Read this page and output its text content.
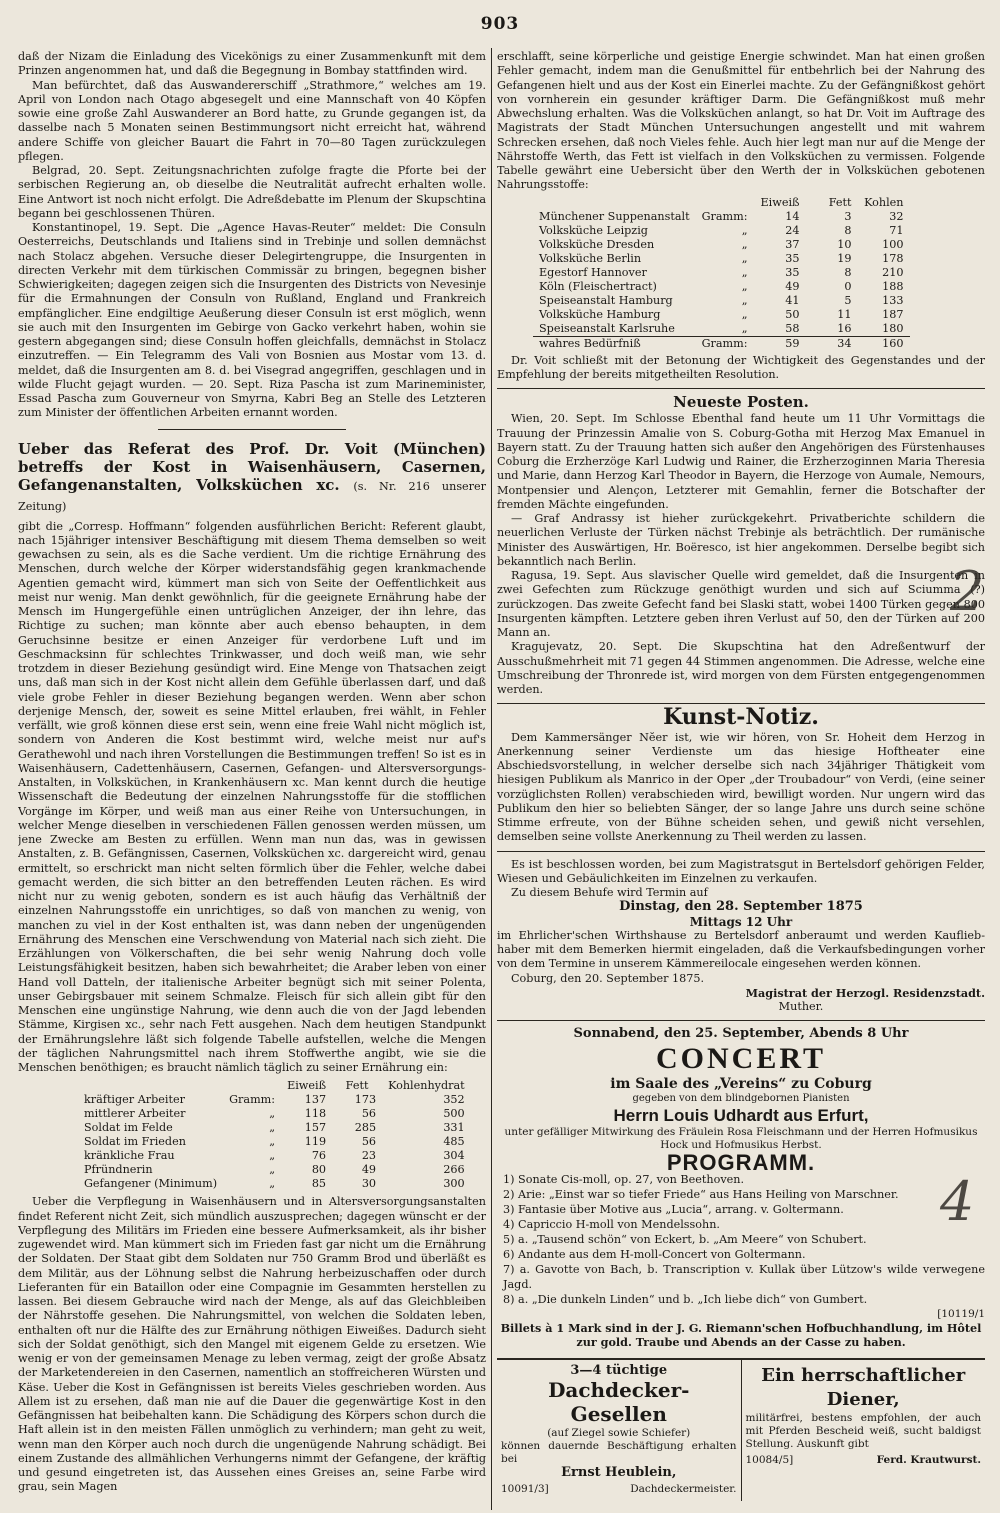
903

daß der Nizam die Einladung des Vicekönigs zu einer Zusammenkunft mit dem Prinzen angenommen hat, und daß die Begegnung in Bombay stattfinden wird.

Man befürchtet, daß das Auswandererschiff „Strathmore,“ welches am 19. April von London nach Otago abgesegelt und eine Mannschaft von 40 Köpfen sowie eine große Zahl Auswanderer an Bord hatte, zu Grunde gegangen ist, da dasselbe nach 5 Monaten seinen Bestimmungsort nicht erreicht hat, während andere Schiffe von gleicher Bauart die Fahrt in 70—80 Tagen zurückzulegen pflegen.

Belgrad, 20. Sept. Zeitungsnachrichten zufolge fragte die Pforte bei der serbischen Regierung an, ob dieselbe die Neutralität aufrecht erhalten wolle. Eine Antwort ist noch nicht erfolgt. Die Adreßdebatte im Plenum der Skupschtina begann bei geschlossenen Thüren.

Konstantinopel, 19. Sept. Die „Agence Havas-Reuter“ meldet: Die Consuln Oesterreichs, Deutschlands und Italiens sind in Trebinje und sollen demnächst nach Stolacz abgehen. Versuche dieser Delegirtengruppe, die Insurgenten in directen Verkehr mit dem türkischen Commissär zu bringen, begegnen bisher Schwierigkeiten; dagegen zeigen sich die Insurgenten des Districts von Nevesinje für die Ermahnungen der Consuln von Rußland, England und Frankreich empfänglicher. Eine endgiltige Aeußerung dieser Consuln ist erst möglich, wenn sie auch mit den Insurgenten im Gebirge von Gacko verkehrt haben, wohin sie gestern abgegangen sind; diese Consuln hoffen gleichfalls, demnächst in Stolacz einzutreffen. — Ein Telegramm des Vali von Bosnien aus Mostar vom 13. d. meldet, daß die Insurgenten am 8. d. bei Visegrad angegriffen, geschlagen und in wilde Flucht gejagt wurden. — 20. Sept. Riza Pascha ist zum Marineminister, Essad Pascha zum Gouverneur von Smyrna, Kabri Beg an Stelle des Letzteren zum Minister der öffentlichen Arbeiten ernannt worden.

Ueber das Referat des Prof. Dr. Voit (München) betreffs der Kost in Waisenhäusern, Casernen, Gefangenanstalten, Volksküchen xc. (s. Nr. 216 unserer Zeitung)

gibt die „Corresp. Hoffmann“ folgenden ausführlichen Bericht: Referent glaubt, nach 15jähriger intensiver Beschäftigung mit diesem Thema demselben so weit gewachsen zu sein, als es die Sache verdient. Um die richtige Ernährung des Menschen, durch welche der Körper widerstandsfähig gegen krankmachende Agentien gemacht wird, kümmert man sich von Seite der Oeffentlichkeit aus meist nur wenig. Man denkt gewöhnlich, für die geeignete Ernährung habe der Mensch im Hungergefühle einen untrüglichen Anzeiger, der ihn lehre, das Richtige zu suchen; man könnte aber auch ebenso behaupten, in dem Geruchsinne besitze er einen Anzeiger für verdorbene Luft und im Geschmacksinn für schlechtes Trinkwasser, und doch weiß man, wie sehr trotzdem in dieser Beziehung gesündigt wird. Eine Menge von Thatsachen zeigt uns, daß man sich in der Kost nicht allein dem Gefühle überlassen darf, und daß viele grobe Fehler in dieser Beziehung begangen werden. Wenn aber schon derjenige Mensch, der, soweit es seine Mittel erlauben, frei wählt, in Fehler verfällt, wie groß können diese erst sein, wenn eine freie Wahl nicht möglich ist, sondern von Anderen die Kost bestimmt wird, welche meist nur auf's Gerathewohl und nach ihren Vorstellungen die Bestimmungen treffen! So ist es in Waisenhäusern, Cadettenhäusern, Casernen, Gefangen- und Altersversorgungs-Anstalten, in Volksküchen, in Krankenhäusern xc. Man kennt durch die heutige Wissenschaft die Bedeutung der einzelnen Nahrungsstoffe für die stofflichen Vorgänge im Körper, und weiß man aus einer Reihe von Untersuchungen, in welcher Menge dieselben in verschiedenen Fällen genossen werden müssen, um jene Zwecke am Besten zu erfüllen. Wenn man nun das, was in gewissen Anstalten, z. B. Gefängnissen, Casernen, Volksküchen xc. dargereicht wird, genau ermittelt, so erschrickt man nicht selten förmlich über die Fehler, welche dabei gemacht werden, die sich bitter an den betreffenden Leuten rächen. Es wird nicht nur zu wenig geboten, sondern es ist auch häufig das Verhältniß der einzelnen Nahrungsstoffe ein unrichtiges, so daß von manchen zu wenig, von manchen zu viel in der Kost enthalten ist, was dann neben der ungenügenden Ernährung des Menschen eine Verschwendung von Material nach sich zieht. Die Erzählungen von Völkerschaften, die bei sehr wenig Nahrung doch volle Leistungsfähigkeit besitzen, haben sich bewahrheitet; die Araber leben von einer Hand voll Datteln, der italienische Arbeiter begnügt sich mit seiner Polenta, unser Gebirgsbauer mit seinem Schmalze. Fleisch für sich allein gibt für den Menschen eine ungünstige Nahrung, wie denn auch die von der Jagd lebenden Stämme, Kirgisen xc., sehr nach Fett ausgehen. Nach dem heutigen Standpunkt der Ernährungslehre läßt sich folgende Tabelle aufstellen, welche die Mengen der täglichen Nahrungsmittel nach ihrem Stoffwerthe angibt, wie sie die Menschen benöthigen; es braucht nämlich täglich zu seiner Ernährung ein:

		Eiweiß	Fett	Kohlenhydrat
kräftiger Arbeiter	Gramm:	137	173	352
mittlerer Arbeiter	„	118	56	500
Soldat im Felde	„	157	285	331
Soldat im Frieden	„	119	56	485
kränkliche Frau	„	76	23	304
Pfründnerin	„	80	49	266
Gefangener (Minimum)	„	85	30	300

Ueber die Verpflegung in Waisenhäusern und in Altersversorgungsanstalten findet Referent nicht Zeit, sich mündlich auszusprechen; dagegen wünscht er der Verpflegung des Militärs im Frieden eine bessere Aufmerksamkeit, als ihr bisher zugewendet wird. Man kümmert sich im Frieden fast gar nicht um die Ernährung der Soldaten. Der Staat gibt dem Soldaten nur 750 Gramm Brod und überläßt es dem Militär, aus der Löhnung selbst die Nahrung herbeizuschaffen oder durch Lieferanten für ein Bataillon oder eine Compagnie im Gesammten herstellen zu lassen. Bei diesem Gebrauche wird nach der Menge, als auf das Gleichbleiben der Nährstoffe gesehen. Die Nahrungsmittel, von welchen die Soldaten leben, enthalten oft nur die Hälfte des zur Ernährung nöthigen Eiweißes. Dadurch sieht sich der Soldat genöthigt, sich den Mangel mit eigenem Gelde zu ersetzen. Wie wenig er von der gemeinsamen Menage zu leben vermag, zeigt der große Absatz der Marketendereien in den Casernen, namentlich an stoffreicheren Würsten und Käse. Ueber die Kost in Gefängnissen ist bereits Vieles geschrieben worden. Aus Allem ist zu ersehen, daß man nie auf die Dauer die gegenwärtige Kost in den Gefängnissen hat beibehalten kann. Die Schädigung des Körpers schon durch die Haft allein ist in den meisten Fällen unmöglich zu verhindern; man geht zu weit, wenn man den Körper auch noch durch die ungenügende Nahrung schädigt. Bei einem Zustande des allmählichen Verhungerns nimmt der Gefangene, der kräftig und gesund eingetreten ist, das Aussehen eines Greises an, seine Farbe wird grau, sein Magen

erschlafft, seine körperliche und geistige Energie schwindet. Man hat einen großen Fehler gemacht, indem man die Genußmittel für entbehrlich bei der Nahrung des Gefangenen hielt und aus der Kost ein Einerlei machte. Zu der Gefängnißkost gehört von vornherein ein gesunder kräftiger Darm. Die Gefängnißkost muß mehr Abwechslung erhalten. Was die Volksküchen anlangt, so hat Dr. Voit im Auftrage des Magistrats der Stadt München Untersuchungen angestellt und mit wahrem Schrecken ersehen, daß noch Vieles fehle. Auch hier legt man nur auf die Menge der Nährstoffe Werth, das Fett ist vielfach in den Volksküchen zu vermissen. Folgende Tabelle gewährt eine Uebersicht über den Werth der in Volksküchen gebotenen Nahrungsstoffe:

		Eiweiß	Fett	Kohlen
Münchener Suppenanstalt	Gramm:	14	3	32
Volksküche Leipzig	„	24	8	71
Volksküche Dresden	„	37	10	100
Volksküche Berlin	„	35	19	178
Egestorf Hannover	„	35	8	210
Köln (Fleischertract)	„	49	0	188
Speiseanstalt Hamburg	„	41	5	133
Volksküche Hamburg	„	50	11	187
Speiseanstalt Karlsruhe	„	58	16	180
wahres Bedürfniß	Gramm:	59	34	160

Dr. Voit schließt mit der Betonung der Wichtigkeit des Gegenstandes und der Empfehlung der bereits mitgetheilten Resolution.

Neueste Posten.

Wien, 20. Sept. Im Schlosse Ebenthal fand heute um 11 Uhr Vormittags die Trauung der Prinzessin Amalie von S. Coburg-Gotha mit Herzog Max Emanuel in Bayern statt. Zu der Trauung hatten sich außer den Angehörigen des Fürstenhauses Coburg die Erzherzöge Karl Ludwig und Rainer, die Erzherzoginnen Maria Theresia und Marie, dann Herzog Karl Theodor in Bayern, die Herzoge von Aumale, Nemours, Montpensier und Alençon, Letzterer mit Gemahlin, ferner die Botschafter der fremden Mächte eingefunden.

— Graf Andrassy ist hieher zurückgekehrt. Privatberichte schildern die neuerlichen Verluste der Türken nächst Trebinje als beträchtlich. Der rumänische Minister des Auswärtigen, Hr. Boëresco, ist hier angekommen. Derselbe begibt sich bekanntlich nach Berlin.

Ragusa, 19. Sept. Aus slavischer Quelle wird gemeldet, daß die Insurgenten in zwei Gefechten zum Rückzuge genöthigt wurden und sich auf Sciumma (?) zurückzogen. Das zweite Gefecht fand bei Slaski statt, wobei 1400 Türken gegen 800 Insurgenten kämpften. Letztere geben ihren Verlust auf 50, den der Türken auf 200 Mann an.

Kragujevatz, 20. Sept. Die Skupschtina hat den Adreßentwurf der Ausschußmehrheit mit 71 gegen 44 Stimmen angenommen. Die Adresse, welche eine Umschreibung der Thronrede ist, wird morgen von dem Fürsten entgegengenommen werden.

Kunst-Notiz.

Dem Kammersänger Nĕer ist, wie wir hören, von Sr. Hoheit dem Herzog in Anerkennung seiner Verdienste um das hiesige Hoftheater eine Abschiedsvorstellung, in welcher derselbe sich nach 34jähriger Thätigkeit vom hiesigen Publikum als Manrico in der Oper „der Troubadour“ von Verdi, (eine seiner vorzüglichsten Rollen) verabschieden wird, bewilligt worden. Nur ungern wird das Publikum den hier so beliebten Sänger, der so lange Jahre uns durch seine schöne Stimme erfreute, von der Bühne scheiden sehen, und gewiß nicht versehlen, demselben seine vollste Anerkennung zu Theil werden zu lassen.

Es ist beschlossen worden, bei zum Magistratsgut in Bertelsdorf gehörigen Felder, Wiesen und Gebäulichkeiten im Einzelnen zu verkaufen.

Zu diesem Behufe wird Termin auf

Dinstag, den 28. September 1875
Mittags 12 Uhr

im Ehrlicher'schen Wirthshause zu Bertelsdorf anberaumt und werden Kauflieb-haber mit dem Bemerken hiermit eingeladen, daß die Verkaufsbedingungen vorher von dem Termine in unserem Kämmereilocale eingesehen werden können.

Coburg, den 20. September 1875.

Magistrat der Herzogl. Residenzstadt.
Muther.
Sonnabend, den 25. September, Abends 8 Uhr
CONCERT
im Saale des „Vereins“ zu Coburg
gegeben von dem blindgebornen Pianisten
Herrn Louis Udhardt aus Erfurt,
unter gefälliger Mitwirkung des Fräulein Rosa Fleischmann und der Herren Hofmusikus Hock und Hofmusikus Herbst.
PROGRAMM.
1) Sonate Cis-moll, op. 27, von Beethoven.
2) Arie: „Einst war so tiefer Friede“ aus Hans Heiling von Marschner.
3) Fantasie über Motive aus „Lucia“, arrang. v. Goltermann.
4) Capriccio H-moll von Mendelssohn.
5) a. „Tausend schön“ von Eckert, b. „Am Meere“ von Schubert.
6) Andante aus dem H-moll-Concert von Goltermann.
7) a. Gavotte von Bach, b. Transcription v. Kullak über Lützow's wilde verwegene Jagd.
8) a. „Die dunkeln Linden“ und b. „Ich liebe dich“ von Gumbert.
[10119/1

Billets à 1 Mark sind in der J. G. Riemann'schen Hofbuchhandlung, im Hôtel zur gold. Traube und Abends an der Casse zu haben.

3—4 tüchtige
Dachdecker-Gesellen
(auf Ziegel sowie Schiefer)
können dauernde Beschäftigung erhalten bei
Ernst Heublein,
10091/3]	Dachdeckermeister.
Ein herrschaftlicher Diener,
militärfrei, bestens empfohlen, der auch mit Pferden Bescheid weiß, sucht baldigst Stellung. Auskunft gibt
10084/5]	Ferd. Krautwurst.
2
4
